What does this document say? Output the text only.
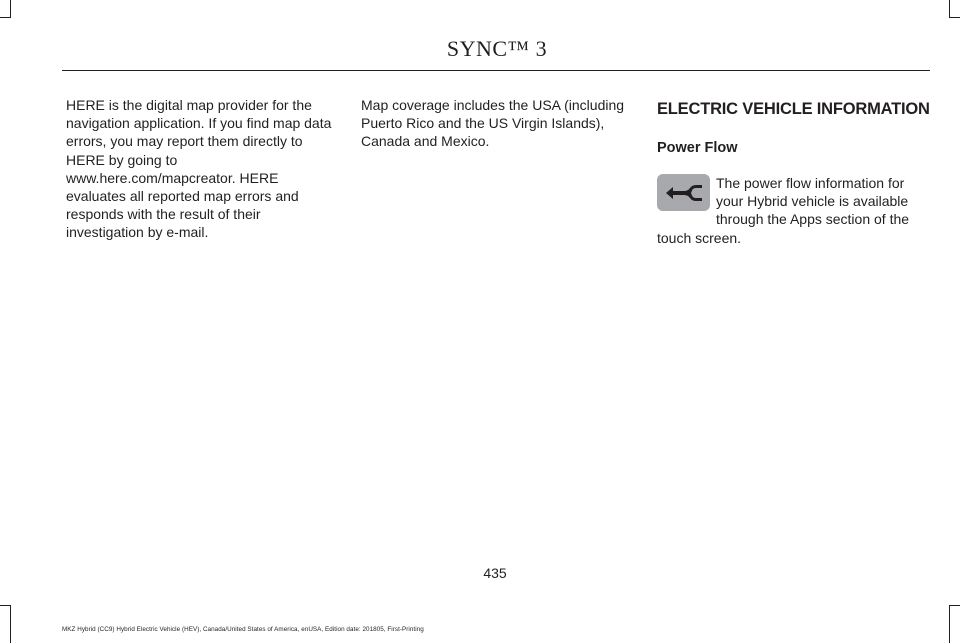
SYNC™ 3

HERE is the digital map provider for the navigation application. If you find map data errors, you may report them directly to HERE by going to www.here.com/mapcreator. HERE evaluates all reported map errors and responds with the result of their investigation by e-mail.

Map coverage includes the USA (including Puerto Rico and the US Virgin Islands), Canada and Mexico.

ELECTRIC VEHICLE INFORMATION
Power Flow

The power flow information for your Hybrid vehicle is available through the Apps section of the touch screen.

435
MKZ Hybrid (CC9) Hybrid Electric Vehicle (HEV), Canada/United States of America, enUSA, Edition date: 201805, First-Printing
